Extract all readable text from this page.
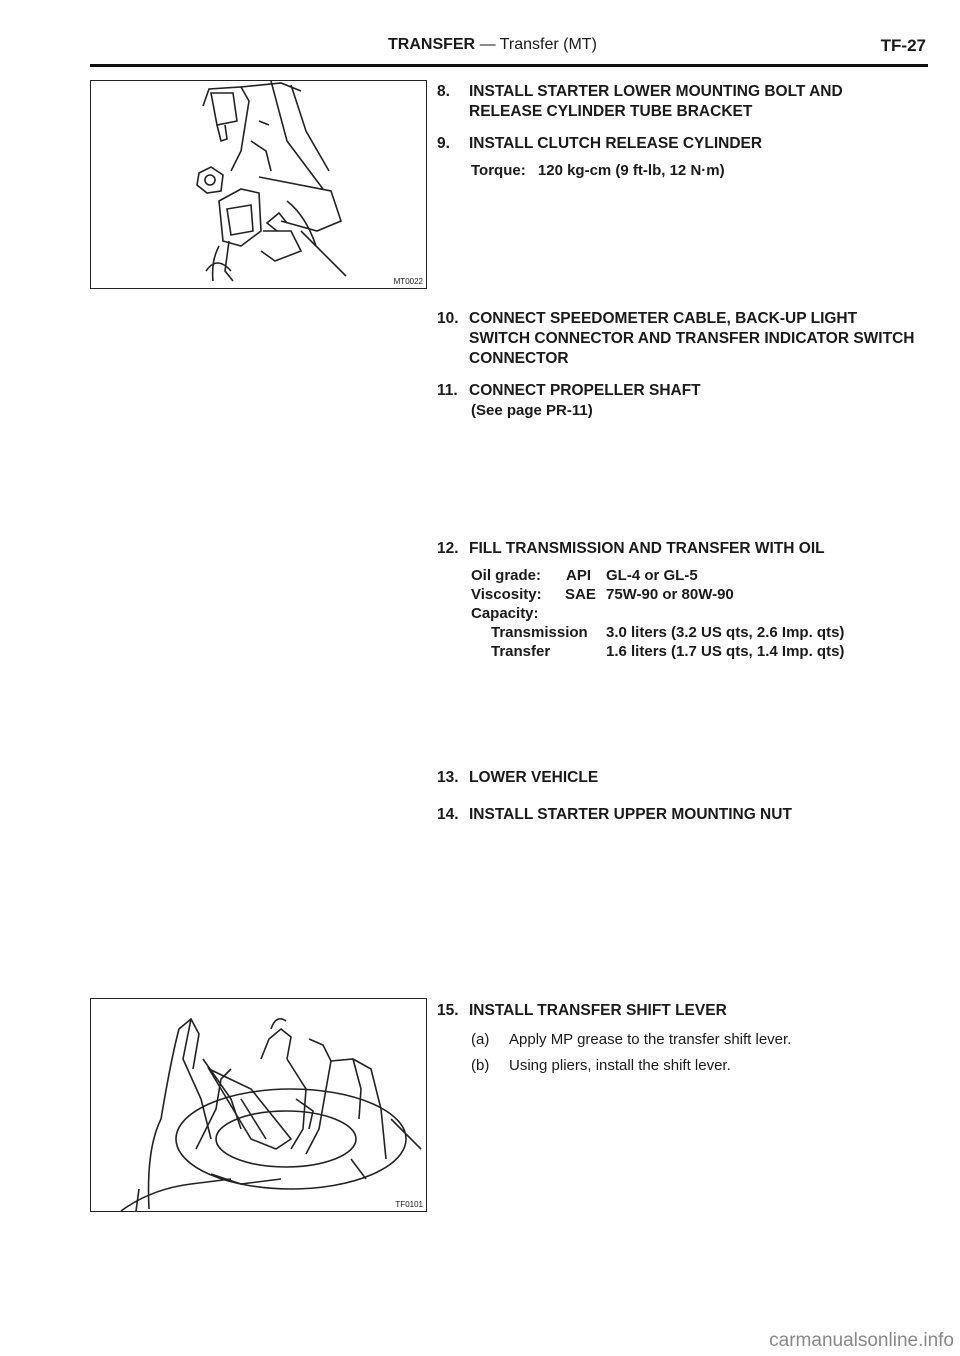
TRANSFER — Transfer (MT)	TF-27
MT0022
8. INSTALL STARTER LOWER MOUNTING BOLT AND RELEASE CYLINDER TUBE BRACKET
9. INSTALL CLUTCH RELEASE CYLINDER
Torque: 120 kg-cm (9 ft-lb, 12 N·m)
10. CONNECT SPEEDOMETER CABLE, BACK-UP LIGHT SWITCH CONNECTOR AND TRANSFER INDICATOR SWITCH CONNECTOR
11. CONNECT PROPELLER SHAFT
(See page PR-11)
12. FILL TRANSMISSION AND TRANSFER WITH OIL
Oil grade: API GL-4 or GL-5
Viscosity: SAE 75W-90 or 80W-90
Capacity:
Transmission 3.0 liters (3.2 US qts, 2.6 Imp. qts)
Transfer	1.6 liters (1.7 US qts, 1.4 Imp. qts)
13. LOWER VEHICLE
14. INSTALL STARTER UPPER MOUNTING NUT
TF0101
15. INSTALL TRANSFER SHIFT LEVER
(a) Apply MP grease to the transfer shift lever.
(b) Using pliers, install the shift lever.
carmanualsonline.info
